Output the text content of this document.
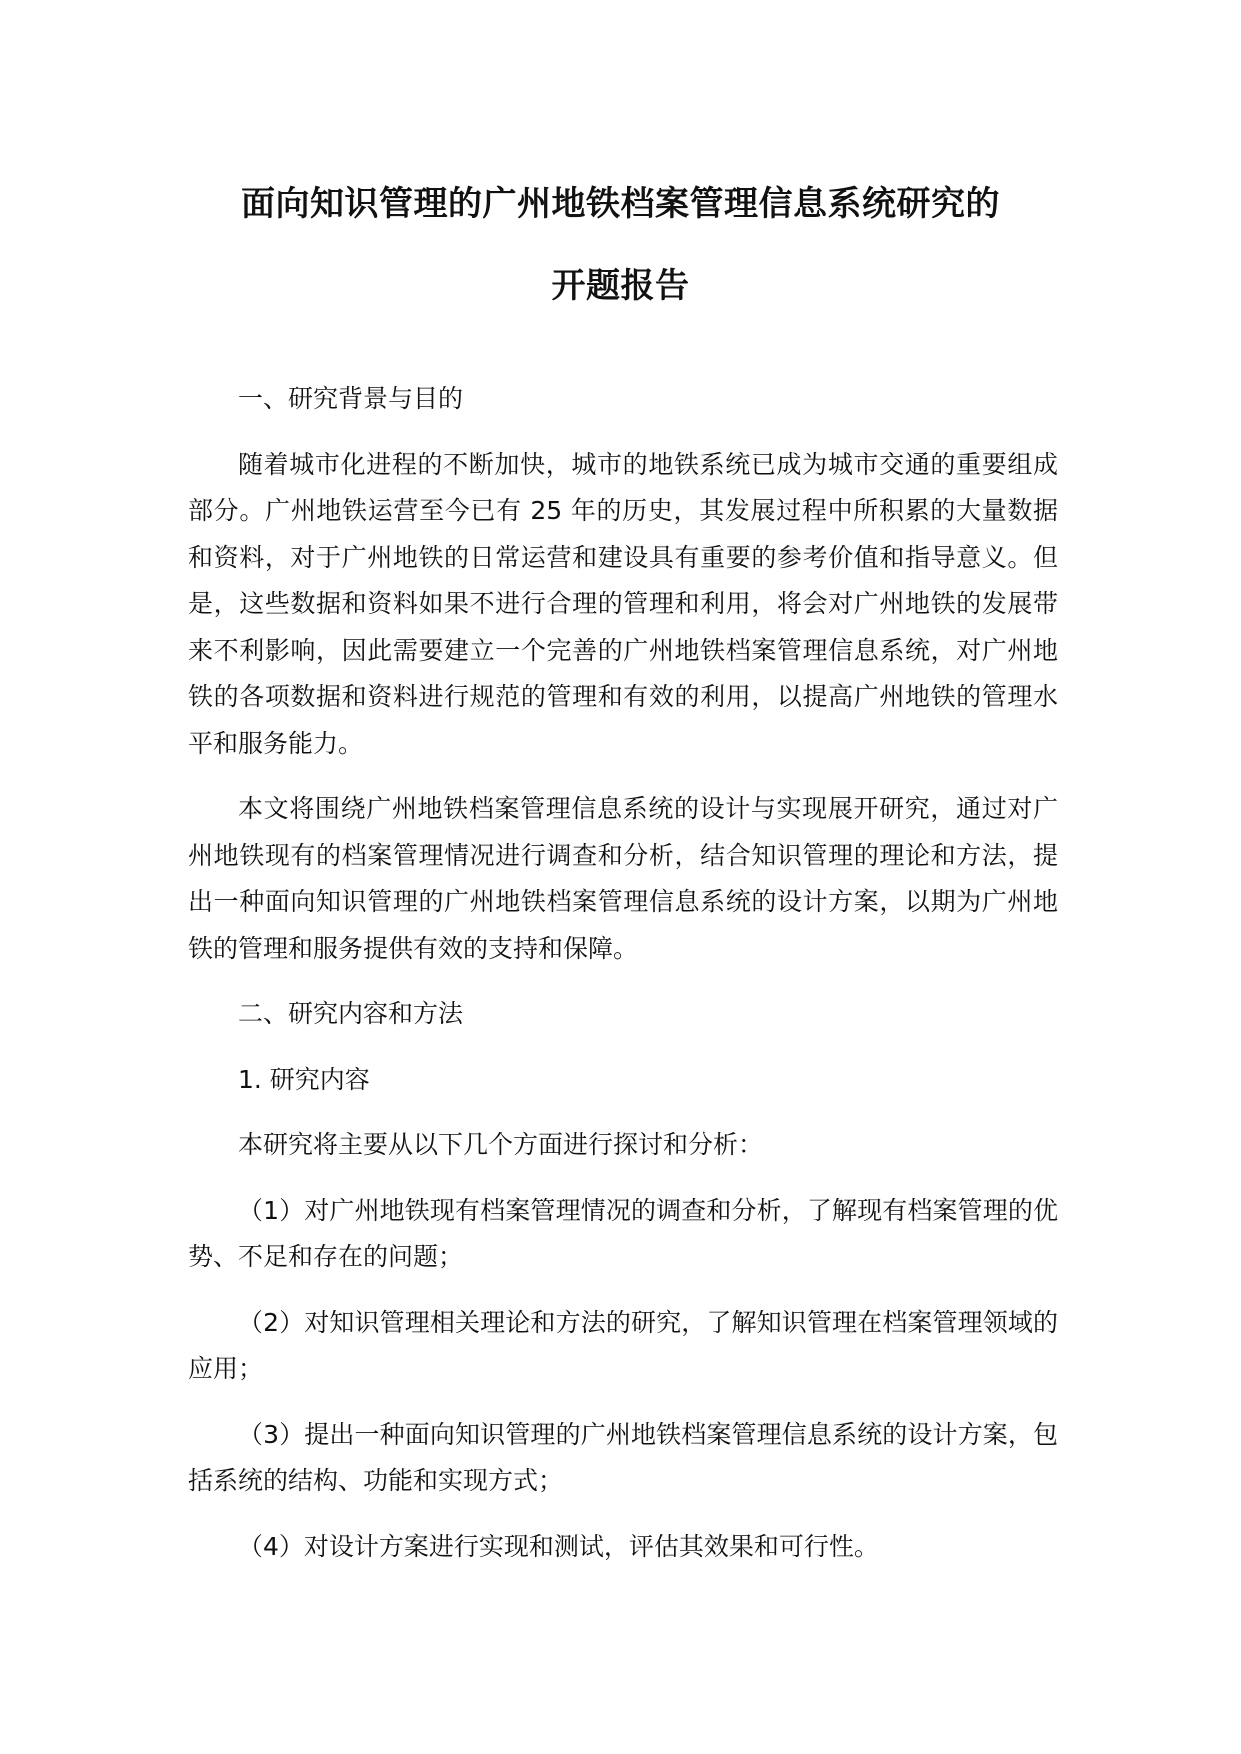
面向知识管理的广州地铁档案管理信息系统研究的
开题报告

一、研究背景与目的

随着城市化进程的不断加快，城市的地铁系统已成为城市交通的重要组成部分。广州地铁运营至今已有 25 年的历史，其发展过程中所积累的大量数据和资料，对于广州地铁的日常运营和建设具有重要的参考价值和指导意义。但是，这些数据和资料如果不进行合理的管理和利用，将会对广州地铁的发展带来不利影响，因此需要建立一个完善的广州地铁档案管理信息系统，对广州地铁的各项数据和资料进行规范的管理和有效的利用，以提高广州地铁的管理水平和服务能力。

本文将围绕广州地铁档案管理信息系统的设计与实现展开研究，通过对广州地铁现有的档案管理情况进行调查和分析，结合知识管理的理论和方法，提出一种面向知识管理的广州地铁档案管理信息系统的设计方案，以期为广州地铁的管理和服务提供有效的支持和保障。

二、研究内容和方法

1. 研究内容

本研究将主要从以下几个方面进行探讨和分析：

（1）对广州地铁现有档案管理情况的调查和分析，了解现有档案管理的优势、不足和存在的问题；

（2）对知识管理相关理论和方法的研究，了解知识管理在档案管理领域的应用；

（3）提出一种面向知识管理的广州地铁档案管理信息系统的设计方案，包括系统的结构、功能和实现方式；

（4）对设计方案进行实现和测试，评估其效果和可行性。
